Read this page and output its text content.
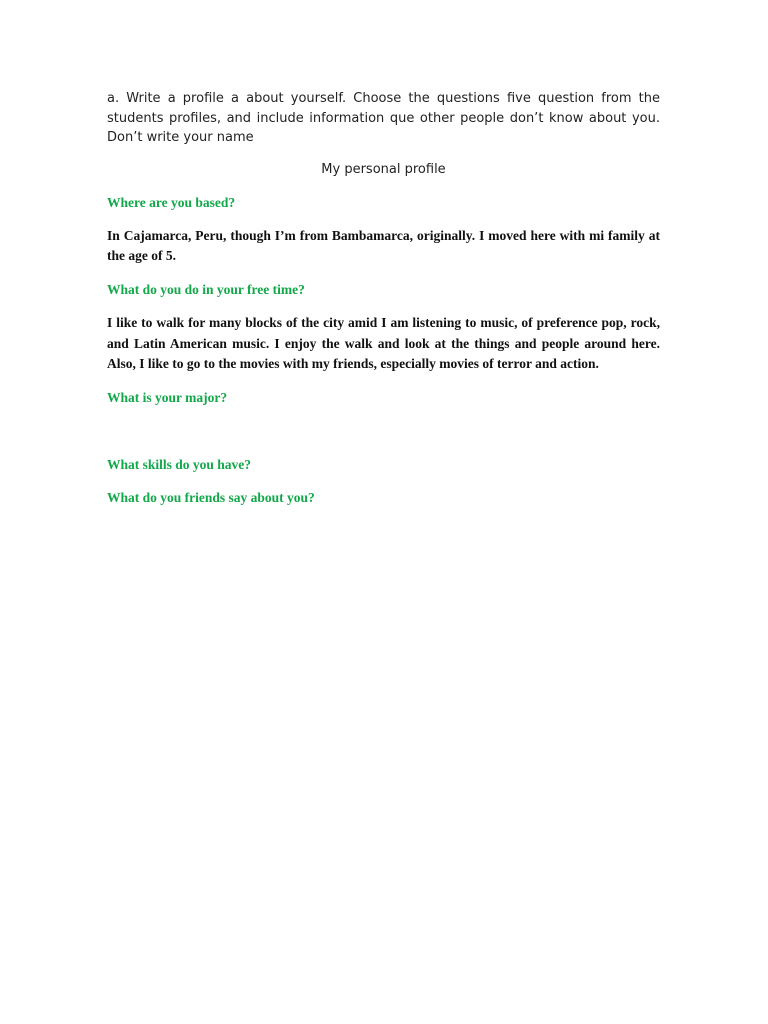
a. Write a profile a about yourself. Choose the questions five question from the students profiles, and include information que other people don’t know about you. Don’t write your name

My personal profile

Where are you based?

In Cajamarca, Peru, though I’m from Bambamarca, originally. I moved here with mi family at the age of 5.

What do you do in your free time?

I like to walk for many blocks of the city amid I am listening to music, of preference pop, rock, and Latin American music. I enjoy the walk and look at the things and people around here. Also, I like to go to the movies with my friends, especially movies of terror and action.

What is your major?

What skills do you have?

What do you friends say about you?
